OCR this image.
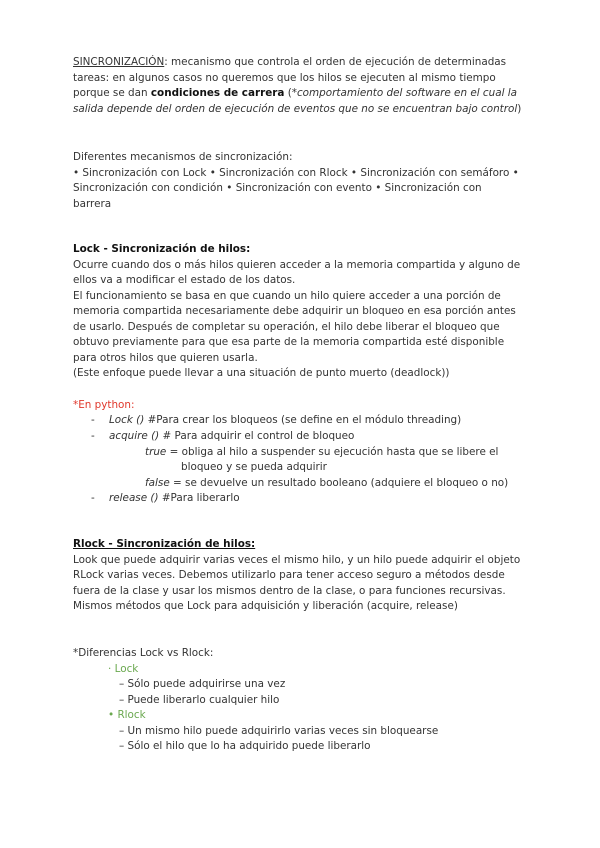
SINCRONIZACIÓN: mecanismo que controla el orden de ejecución de determinadas tareas: en algunos casos no queremos que los hilos se ejecuten al mismo tiempo porque se dan condiciones de carrera (*comportamiento del software en el cual la salida depende del orden de ejecución de eventos que no se encuentran bajo control)

Diferentes mecanismos de sincronización:
• Sincronización con Lock • Sincronización con Rlock • Sincronización con semáforo • Sincronización con condición • Sincronización con evento • Sincronización con barrera

Lock - Sincronización de hilos:
Ocurre cuando dos o más hilos quieren acceder a la memoria compartida y alguno de ellos va a modificar el estado de los datos.
El funcionamiento se basa en que cuando un hilo quiere acceder a una porción de memoria compartida necesariamente debe adquirir un bloqueo en esa porción antes de usarlo. Después de completar su operación, el hilo debe liberar el bloqueo que obtuvo previamente para que esa parte de la memoria compartida esté disponible para otros hilos que quieren usarla.
(Este enfoque puede llevar a una situación de punto muerto (deadlock))

*En python:
- Lock () #Para crear los bloqueos (se define en el módulo threading)
- acquire () # Para adquirir el control de bloqueo
true = obliga al hilo a suspender su ejecución hasta que se libere el
bloqueo y se pueda adquirir
false = se devuelve un resultado booleano (adquiere el bloqueo o no)
- release () #Para liberarlo

Rlock - Sincronización de hilos:
Look que puede adquirir varias veces el mismo hilo, y un hilo puede adquirir el objeto RLock varias veces. Debemos utilizarlo para tener acceso seguro a métodos desde fuera de la clase y usar los mismos dentro de la clase, o para funciones recursivas.
Mismos métodos que Lock para adquisición y liberación (acquire, release)

*Diferencias Lock vs Rlock:
· Lock
– Sólo puede adquirirse una vez
– Puede liberarlo cualquier hilo
• Rlock
– Un mismo hilo puede adquirirlo varias veces sin bloquearse
– Sólo el hilo que lo ha adquirido puede liberarlo
